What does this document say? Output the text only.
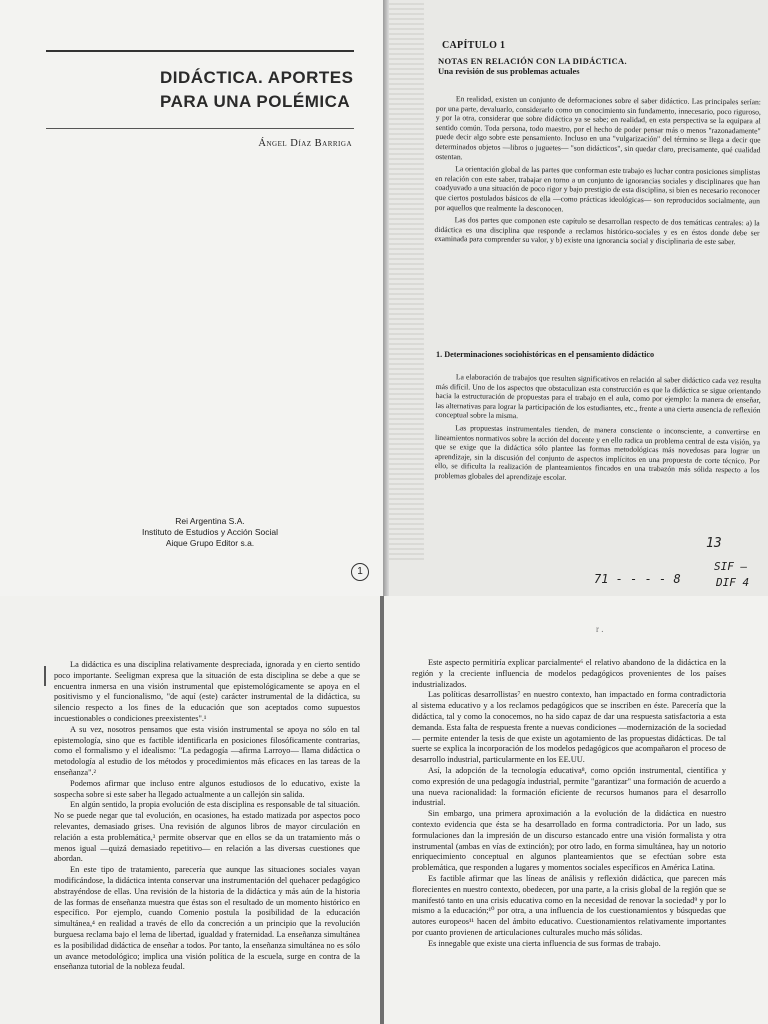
DIDÁCTICA. APORTES
PARA UNA POLÉMICA
Ángel Díaz Barriga
Rei Argentina S.A.
Instituto de Estudios y Acción Social
Aique Grupo Editor s.a.
1
CAPÍTULO 1
NOTAS EN RELACIÓN CON LA DIDÁCTICA.
Una revisión de sus problemas actuales

En realidad, existen un conjunto de deformaciones sobre el saber didáctico. Las principales serían: por una parte, devaluarlo, considerarlo como un conocimiento sin fundamento, innecesario, poco riguroso, y por la otra, considerar que sobre didáctica ya se sabe; en realidad, en esta perspectiva se la equipara al sentido común. Toda persona, todo maestro, por el hecho de poder pensar más o menos "razonadamente" puede decir algo sobre este pensamiento. Incluso en una "vulgarización" del término se llega a decir que determinados objetos —libros o juguetes— "son didácticos", sin quedar claro, precisamente, qué cualidad ostentan.

La orientación global de las partes que conforman este trabajo es luchar contra posiciones simplistas en relación con este saber, trabajar en torno a un conjunto de ignorancias sociales y disciplinares que han coadyuvado a una situación de poco rigor y bajo prestigio de esta disciplina, si bien es necesario reconocer que ciertos postulados básicos de ella —como prácticas ideológicas— son reproducidos socialmente, aun por aquellos que realmente la desconocen.

Las dos partes que componen este capítulo se desarrollan respecto de dos temáticas centrales: a) la didáctica es una disciplina que responde a reclamos histórico-sociales y es en éstos donde debe ser examinada para comprender su valor, y b) existe una ignorancia social y disciplinaria de este saber.

1. Determinaciones sociohistóricas en el pensamiento didáctico

La elaboración de trabajos que resulten significativos en relación al saber didáctico cada vez resulta más difícil. Uno de los aspectos que obstaculizan esta construcción es que la didáctica se sigue orientando hacia la estructuración de propuestas para el trabajo en el aula, como por ejemplo: la manera de enseñar, las alternativas para lograr la participación de los estudiantes, etc., frente a una cierta ausencia de reflexión conceptual sobre la misma.

Las propuestas instrumentales tienden, de manera consciente o inconsciente, a convertirse en lineamientos normativos sobre la acción del docente y en ello radica un problema central de esta visión, ya que se exige que la didáctica sólo plantee las formas metodológicas más novedosas para lograr un aprendizaje, sin la discusión del conjunto de aspectos implícitos en una propuesta de corte técnico. Por ello, se dificulta la realización de planteamientos fincados en una trabazón más sólida respecto a los problemas globales del aprendizaje escolar.

13
SIF —
DIF 4
71 - - - - 8

La didáctica es una disciplina relativamente despreciada, ignorada y en cierto sentido poco importante. Seeligman expresa que la situación de esta disciplina se debe a que se encuentra inmersa en una visión instrumental que epistemológicamente se apoya en el positivismo y el funcionalismo, "de aquí (este) carácter instrumental de la didáctica, su silencio respecto a los fines de la educación que son aceptados como supuestos incuestionables o condiciones preexistentes".¹

A su vez, nosotros pensamos que esta visión instrumental se apoya no sólo en tal epistemología, sino que es factible identificarla en posiciones filosóficamente contrarias, como el formalismo y el idealismo: "La pedagogía —afirma Larroyo— llama didáctica o metodología al estudio de los métodos y procedimientos más eficaces en las tareas de la enseñanza".²

Podemos afirmar que incluso entre algunos estudiosos de lo educativo, existe la sospecha sobre si este saber ha llegado actualmente a un callejón sin salida.

En algún sentido, la propia evolución de esta disciplina es responsable de tal situación. No se puede negar que tal evolución, en ocasiones, ha estado matizada por aspectos poco relevantes, demasiado grises. Una revisión de algunos libros de mayor circulación en relación a esta problemática,³ permite observar que en ellos se da un tratamiento más o menos igual —quizá demasiado repetitivo— en relación a las diversas cuestiones que abordan.

En este tipo de tratamiento, parecería que aunque las situaciones sociales vayan modificándose, la didáctica intenta conservar una instrumentación del quehacer pedagógico abstrayéndose de ellas. Una revisión de la historia de la didáctica y más aún de la historia de las formas de enseñanza muestra que éstas son el resultado de un momento histórico en específico. Por ejemplo, cuando Comenio postula la posibilidad de la educación simultánea,⁴ en realidad a través de ello da concreción a un principio que la revolución burguesa reclama bajo el lema de libertad, igualdad y fraternidad. La enseñanza simultánea es la posibilidad didáctica de enseñar a todos. Por tanto, la enseñanza simultánea no es sólo un avance metodológico; implica una visión política de la escuela, surge en contra de la enseñanza tutorial de la nobleza feudal.

r .

Este aspecto permitiría explicar parcialmente⁶ el relativo abandono de la didáctica en la región y la creciente influencia de modelos pedagógicos provenientes de los países industrializados.

Las políticas desarrollistas⁷ en nuestro contexto, han impactado en forma contradictoria al sistema educativo y a los reclamos pedagógicos que se inscriben en éste. Parecería que la didáctica, tal y como la conocemos, no ha sido capaz de dar una respuesta satisfactoria a esta demanda. Esta falta de respuesta frente a nuevas condiciones —modernización de la sociedad— permite entender la tesis de que existe un agotamiento de las propuestas didácticas. De tal suerte se explica la incorporación de los modelos pedagógicos que acompañaron el proceso de desarrollo industrial, particularmente en los EE.UU.

Así, la adopción de la tecnología educativa⁸, como opción instrumental, científica y como expresión de una pedagogía industrial, permite "garantizar" una formación de acuerdo a una nueva racionalidad: la formación eficiente de recursos humanos para el desarrollo industrial.

Sin embargo, una primera aproximación a la evolución de la didáctica en nuestro contexto evidencia que ésta se ha desarrollado en forma contradictoria. Por un lado, sus formulaciones dan la impresión de un discurso estancado entre una visión formalista y otra instrumental (ambas en vías de extinción); por otro lado, en forma simultánea, hay un notorio enriquecimiento conceptual en algunos planteamientos que se efectúan sobre esta problemática, que responden a lugares y momentos sociales específicos en América Latina.

Es factible afirmar que las líneas de análisis y reflexión didáctica, que parecen más florecientes en nuestro contexto, obedecen, por una parte, a la crisis global de la región que se manifestó tanto en una crisis educativa como en la necesidad de renovar la sociedad⁹ y por lo mismo a la educación;¹⁰ por otra, a una influencia de los cuestionamientos y búsquedas que autores europeos¹¹ hacen del ámbito educativo. Cuestionamientos relativamente importantes por cuanto provienen de articulaciones culturales mucho más sólidas.

Es innegable que existe una cierta influencia de sus formas de trabajo.
